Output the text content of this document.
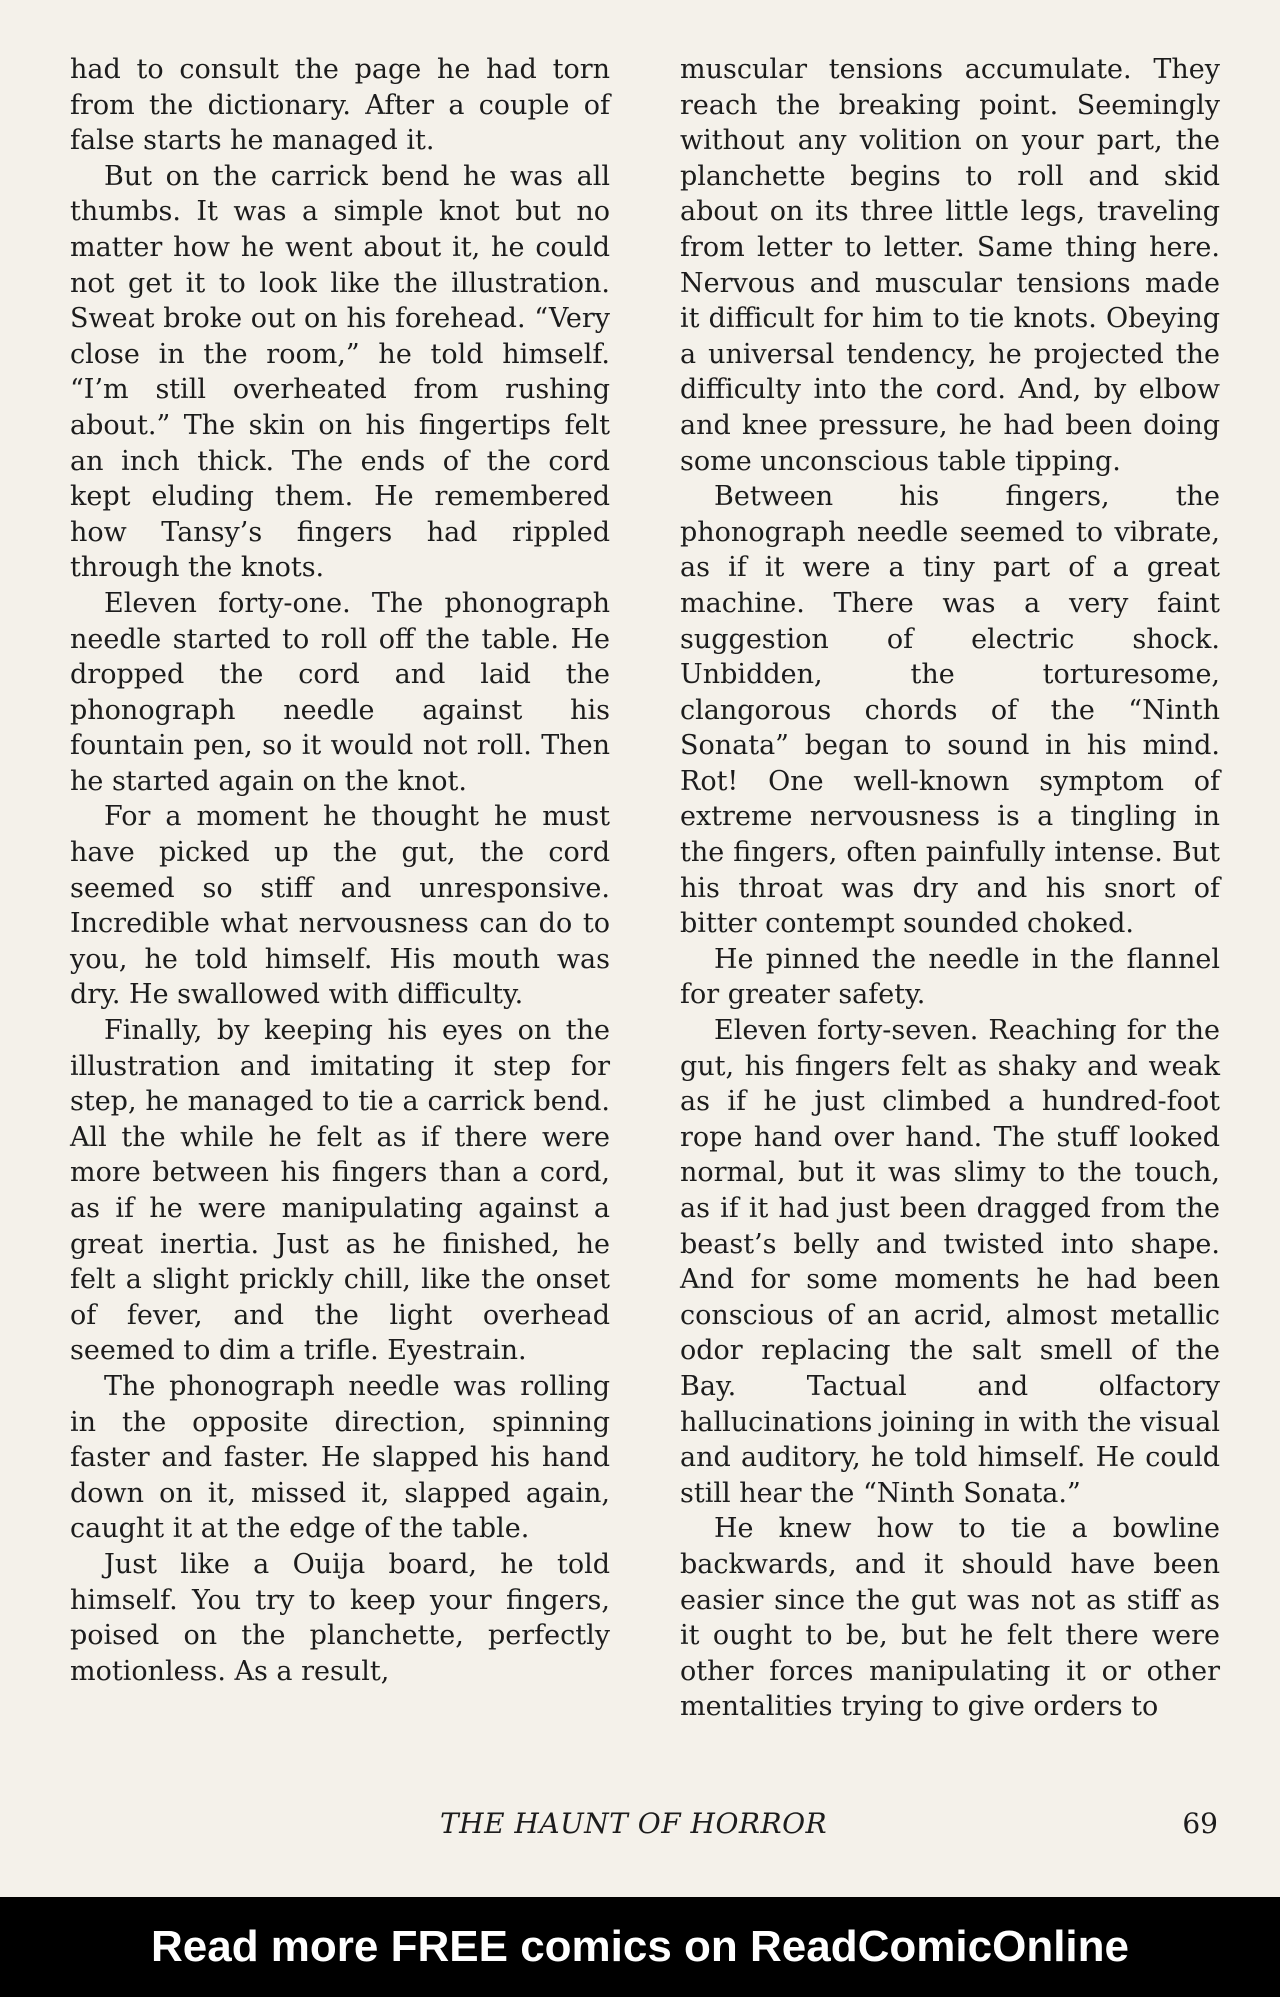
had to consult the page he had torn from the dictionary. After a couple of false starts he managed it.

But on the carrick bend he was all thumbs. It was a simple knot but no matter how he went about it, he could not get it to look like the illustration. Sweat broke out on his forehead. “Very close in the room,” he told himself. “I’m still overheated from rushing about.” The skin on his fingertips felt an inch thick. The ends of the cord kept eluding them. He remembered how Tansy’s fingers had rippled through the knots.

Eleven forty-one. The phonograph needle started to roll off the table. He dropped the cord and laid the phonograph needle against his fountain pen, so it would not roll. Then he started again on the knot.

For a moment he thought he must have picked up the gut, the cord seemed so stiff and unresponsive. Incredible what nervousness can do to you, he told himself. His mouth was dry. He swallowed with difficulty.

Finally, by keeping his eyes on the illustration and imitating it step for step, he managed to tie a carrick bend. All the while he felt as if there were more between his fingers than a cord, as if he were manipulating against a great inertia. Just as he finished, he felt a slight prickly chill, like the onset of fever, and the light overhead seemed to dim a trifle. Eyestrain.

The phonograph needle was rolling in the opposite direction, spinning faster and faster. He slapped his hand down on it, missed it, slapped again, caught it at the edge of the table.

Just like a Ouija board, he told himself. You try to keep your fingers, poised on the planchette, perfectly motionless. As a result,

muscular tensions accumulate. They reach the breaking point. Seemingly without any volition on your part, the planchette begins to roll and skid about on its three little legs, traveling from letter to letter. Same thing here. Nervous and muscular tensions made it difficult for him to tie knots. Obeying a universal tendency, he projected the difficulty into the cord. And, by elbow and knee pressure, he had been doing some unconscious table tipping.

Between his fingers, the phonograph needle seemed to vibrate, as if it were a tiny part of a great machine. There was a very faint suggestion of electric shock. Unbidden, the torturesome, clangorous chords of the “Ninth Sonata” began to sound in his mind. Rot! One well-known symptom of extreme nervousness is a tingling in the fingers, often painfully intense. But his throat was dry and his snort of bitter contempt sounded choked.

He pinned the needle in the flannel for greater safety.

Eleven forty-seven. Reaching for the gut, his fingers felt as shaky and weak as if he just climbed a hundred-foot rope hand over hand. The stuff looked normal, but it was slimy to the touch, as if it had just been dragged from the beast’s belly and twisted into shape. And for some moments he had been conscious of an acrid, almost metallic odor replacing the salt smell of the Bay. Tactual and olfactory hallucinations joining in with the visual and auditory, he told himself. He could still hear the “Ninth Sonata.”

He knew how to tie a bowline backwards, and it should have been easier since the gut was not as stiff as it ought to be, but he felt there were other forces manipulating it or other mentalities trying to give orders to

THE HAUNT OF HORROR	69
Read more FREE comics on ReadComicOnline
